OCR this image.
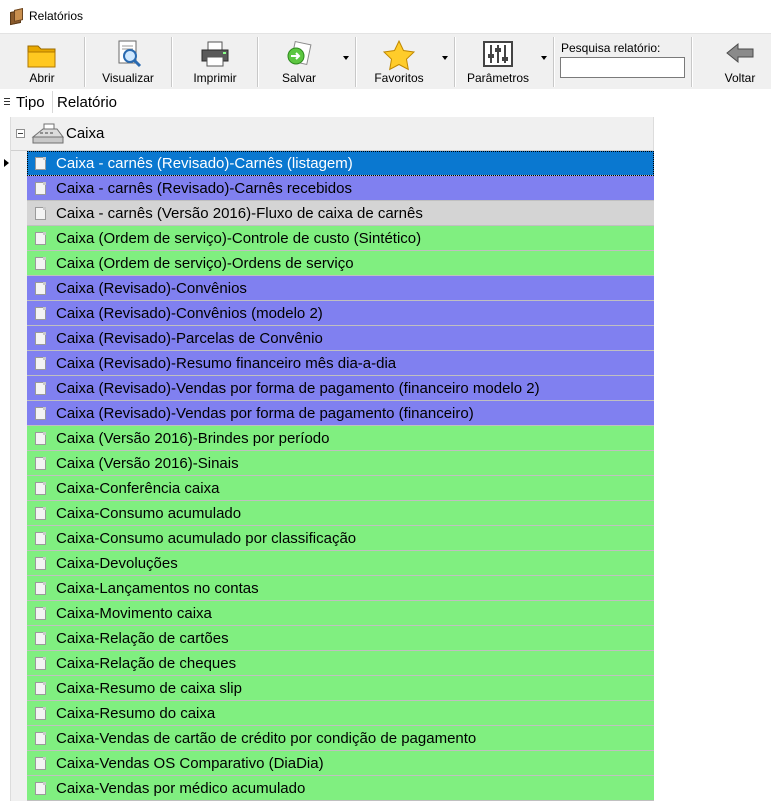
Relatórios
Abrir	Visualizar	Imprimir	Salvar	Favoritos	Parâmetros
Pesquisa relatório:
Voltar
Tipo Relatório
Caixa
Caixa - carnês (Revisado)-Carnês (listagem)
Caixa - carnês (Revisado)-Carnês recebidos
Caixa - carnês (Versão 2016)-Fluxo de caixa de carnês
Caixa (Ordem de serviço)-Controle de custo (Sintético)
Caixa (Ordem de serviço)-Ordens de serviço
Caixa (Revisado)-Convênios
Caixa (Revisado)-Convênios (modelo 2)
Caixa (Revisado)-Parcelas de Convênio
Caixa (Revisado)-Resumo financeiro mês dia-a-dia
Caixa (Revisado)-Vendas por forma de pagamento (financeiro modelo 2)
Caixa (Revisado)-Vendas por forma de pagamento (financeiro)
Caixa (Versão 2016)-Brindes por período
Caixa (Versão 2016)-Sinais
Caixa-Conferência caixa
Caixa-Consumo acumulado
Caixa-Consumo acumulado por classificação
Caixa-Devoluções
Caixa-Lançamentos no contas
Caixa-Movimento caixa
Caixa-Relação de cartões
Caixa-Relação de cheques
Caixa-Resumo de caixa slip
Caixa-Resumo do caixa
Caixa-Vendas de cartão de crédito por condição de pagamento
Caixa-Vendas OS Comparativo (DiaDia)
Caixa-Vendas por médico acumulado
